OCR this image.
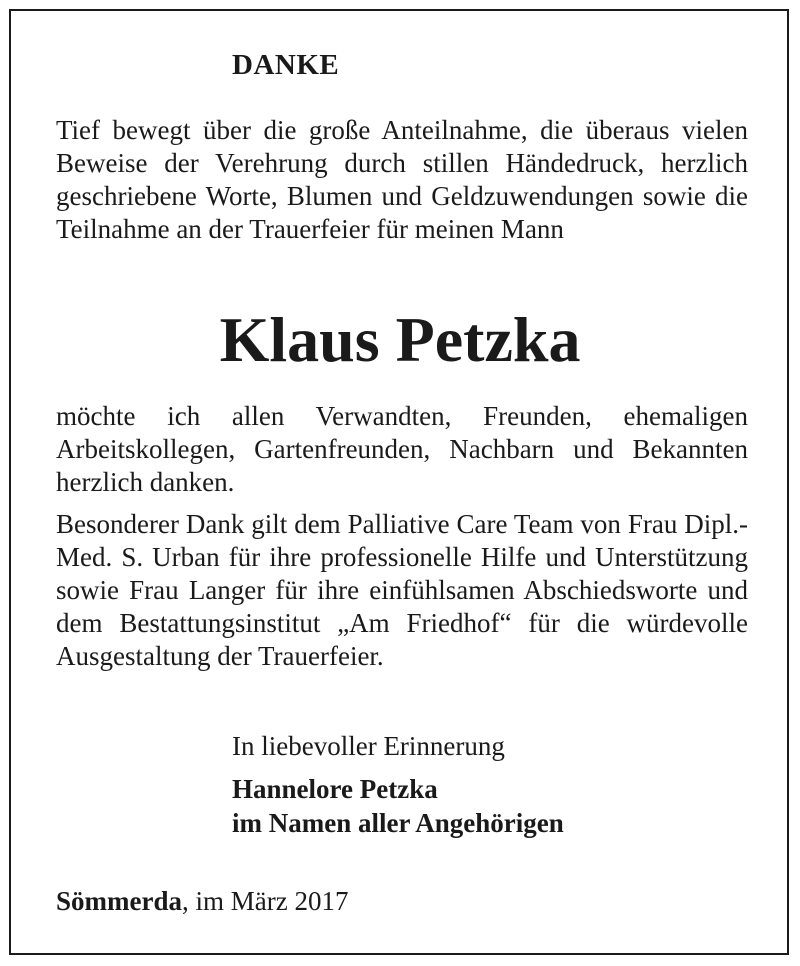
DANKE
Tief bewegt über die große Anteilnahme, die überaus vielen Beweise der Verehrung durch stillen Händedruck, herzlich geschriebene Worte, Blumen und Geldzuwendungen sowie die Teilnahme an der Trauerfeier für meinen Mann
Klaus Petzka
möchte ich allen Verwandten, Freunden, ehemaligen Arbeitskollegen, Gartenfreunden, Nachbarn und Bekannten herzlich danken.
Besonderer Dank gilt dem Palliative Care Team von Frau Dipl.-Med. S. Urban für ihre professionelle Hilfe und Unterstützung sowie Frau Langer für ihre einfühlsamen Abschiedsworte und dem Bestattungsinstitut „Am Friedhof“ für die würdevolle Ausgestaltung der Trauerfeier.
In liebevoller Erinnerung
Hannelore Petzka
im Namen aller Angehörigen
Sömmerda, im März 2017
